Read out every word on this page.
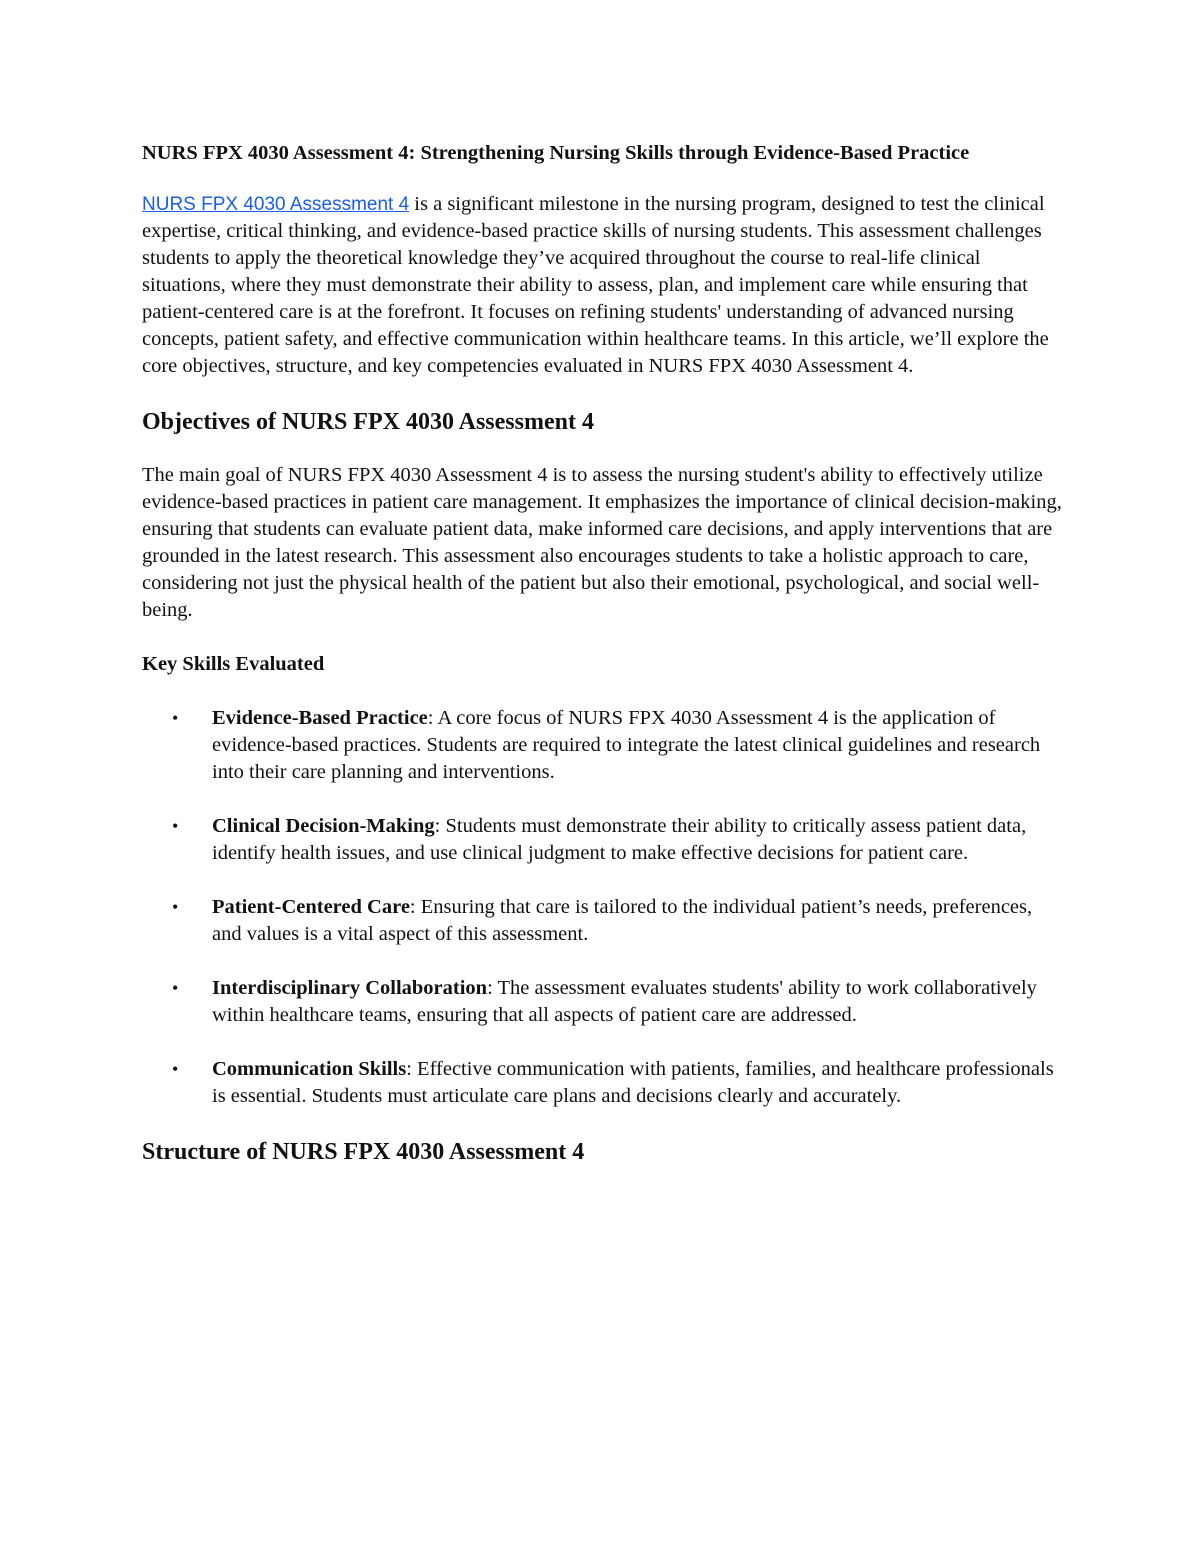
NURS FPX 4030 Assessment 4: Strengthening Nursing Skills through Evidence-Based Practice

NURS FPX 4030 Assessment 4 is a significant milestone in the nursing program, designed to test the clinical expertise, critical thinking, and evidence-based practice skills of nursing students. This assessment challenges students to apply the theoretical knowledge they’ve acquired throughout the course to real-life clinical situations, where they must demonstrate their ability to assess, plan, and implement care while ensuring that patient-centered care is at the forefront. It focuses on refining students' understanding of advanced nursing concepts, patient safety, and effective communication within healthcare teams. In this article, we’ll explore the core objectives, structure, and key competencies evaluated in NURS FPX 4030 Assessment 4.

Objectives of NURS FPX 4030 Assessment 4

The main goal of NURS FPX 4030 Assessment 4 is to assess the nursing student's ability to effectively utilize evidence-based practices in patient care management. It emphasizes the importance of clinical decision-making, ensuring that students can evaluate patient data, make informed care decisions, and apply interventions that are grounded in the latest research. This assessment also encourages students to take a holistic approach to care, considering not just the physical health of the patient but also their emotional, psychological, and social well-being.

Key Skills Evaluated
• Evidence-Based Practice: A core focus of NURS FPX 4030 Assessment 4 is the application of evidence-based practices. Students are required to integrate the latest clinical guidelines and research into their care planning and interventions.
• Clinical Decision-Making: Students must demonstrate their ability to critically assess patient data, identify health issues, and use clinical judgment to make effective decisions for patient care.
• Patient-Centered Care: Ensuring that care is tailored to the individual patient’s needs, preferences, and values is a vital aspect of this assessment.
• Interdisciplinary Collaboration: The assessment evaluates students' ability to work collaboratively within healthcare teams, ensuring that all aspects of patient care are addressed.
• Communication Skills: Effective communication with patients, families, and healthcare professionals is essential. Students must articulate care plans and decisions clearly and accurately.
Structure of NURS FPX 4030 Assessment 4
